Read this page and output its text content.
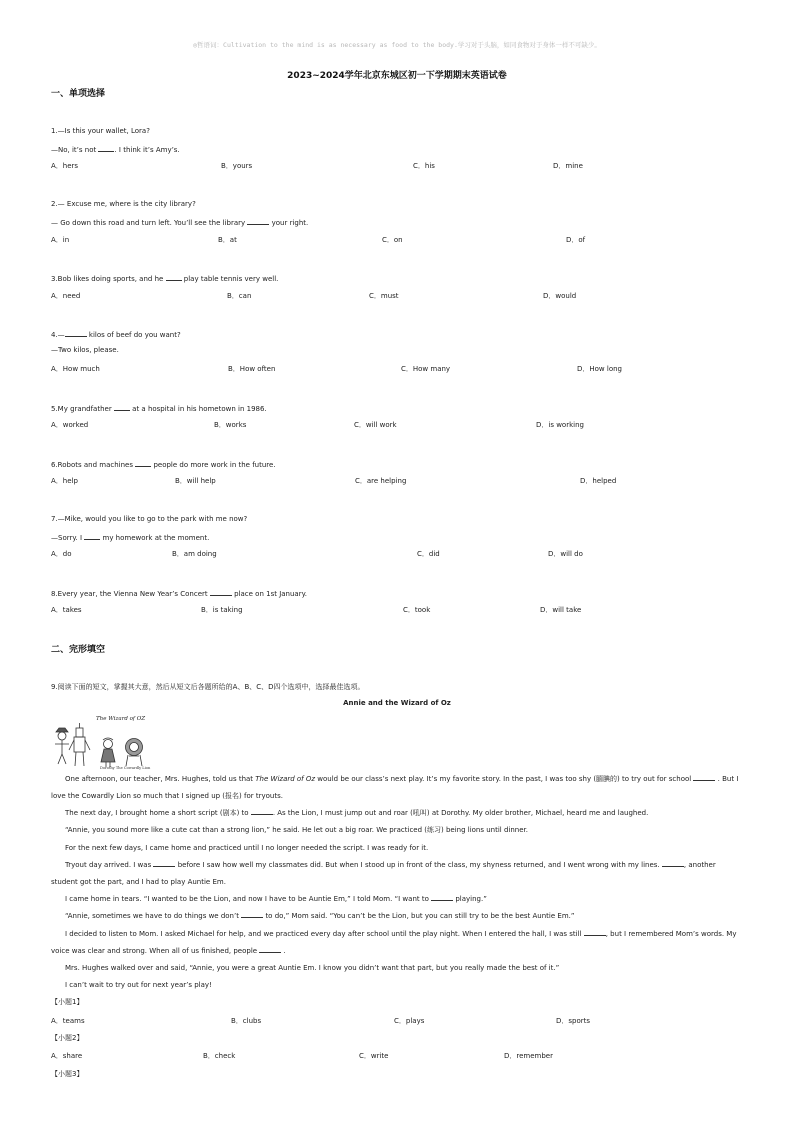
◎哲语词：Cultivation to the mind is as necessary as food to the body.学习对于头脑，如同食物对于身体一样不可缺少。
2023~2024学年北京东城区初一下学期期末英语试卷
一、单项选择
1.—Is this your wallet, Lora?
—No, it’s not	. I think it’s Amy’s.
A．hers	B．yours	C．his	D．mine
2.— Excuse me, where is the city library?
— Go down this road and turn left. You’ll see the library	your right.
A．in	B．at	C．on	D．of
3.Bob likes doing sports, and he	play table tennis very well.
A．need	B．can	C．must	D．would
4.—	kilos of beef do you want?
—Two kilos, please.
A．How much	B．How often	C．How many	D．How long
5.My grandfather	at a hospital in his hometown in 1986.
A．worked	B．works	C．will work	D．is working
6.Robots and machines	people do more work in the future.
A．help	B．will help	C．are helping	D．helped
7.—Mike, would you like to go to the park with me now?
—Sorry. I	my homework at the moment.
A．do	B．am doing	C．did	D．will do
8.Every year, the Vienna New Year’s Concert	place on 1st January.
A．takes	B．is taking	C．took	D．will take
二、完形填空
9.阅读下面的短文，掌握其大意，然后从短文后各题所给的A、B、C、D四个选项中，选择最佳选项。
Annie and the Wizard of Oz
The Wizard of OZ
Dorothy The Cowardly Lion
One afternoon, our teacher, Mrs. Hughes, told us that The Wizard of Oz would be our class’s next play. It’s my favorite story. In the past, I was too shy (腼腆的) to try out for school	. But I love the Cowardly Lion so much that I signed up (报名) for tryouts.
The next day, I brought home a short script (剧本) to	. As the Lion, I must jump out and roar (吼叫) at Dorothy. My older brother, Michael, heard me and laughed.
“Annie, you sound more like a cute cat than a strong lion,” he said. He let out a big roar. We practiced (练习) being lions until dinner.
For the next few days, I came home and practiced until I no longer needed the script. I was ready for it.
Tryout day arrived. I was	before I saw how well my classmates did. But when I stood up in front of the class, my shyness returned, and I went wrong with my lines.	, another student got the part, and I had to play Auntie Em.
I came home in tears. “I wanted to be the Lion, and now I have to be Auntie Em,” I told Mom. “I want to	playing.”
“Annie, sometimes we have to do things we don’t	to do,” Mom said. “You can’t be the Lion, but you can still try to be the best Auntie Em.”
I decided to listen to Mom. I asked Michael for help, and we practiced every day after school until the play night. When I entered the hall, I was still	, but I remembered Mom’s words. My voice was clear and strong. When all of us finished, people	.
Mrs. Hughes walked over and said, “Annie, you were a great Auntie Em. I know you didn’t want that part, but you really made the best of it.”
I can’t wait to try out for next year’s play!
【小题1】
A．teams	B．clubs	C．plays	D．sports
【小题2】
A．share	B．check	C．write	D．remember
【小题3】
